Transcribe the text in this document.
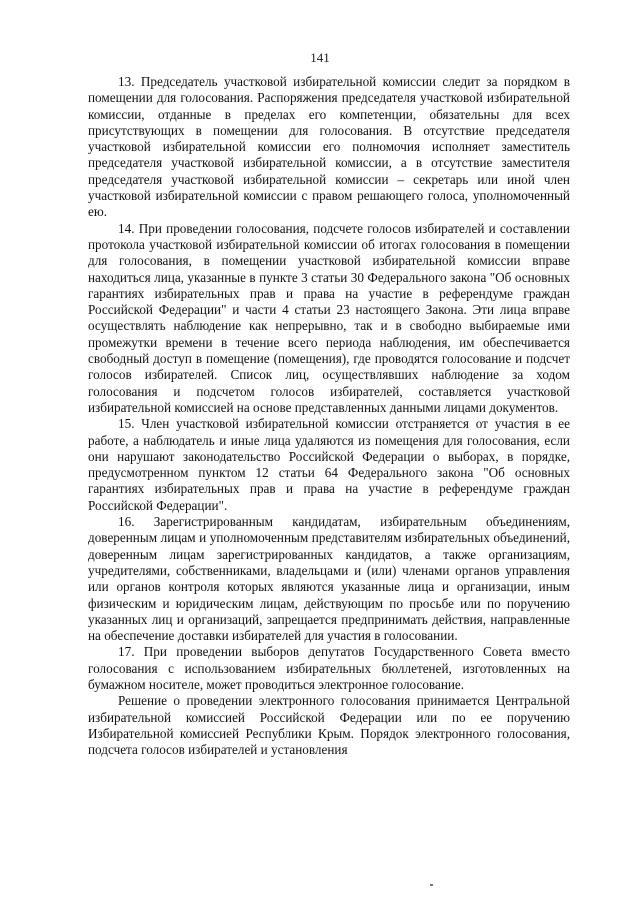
141

13. Председатель участковой избирательной комиссии следит за порядком в помещении для голосования. Распоряжения председателя участковой избирательной комиссии, отданные в пределах его компетенции, обязательны для всех присутствующих в помещении для голосования. В отсутствие председателя участковой избирательной комиссии его полномочия исполняет заместитель председателя участковой избирательной комиссии, а в отсутствие заместителя председателя участковой избирательной комиссии – секретарь или иной член участковой избирательной комиссии с правом решающего голоса, уполномоченный ею.

14. При проведении голосования, подсчете голосов избирателей и составлении протокола участковой избирательной комиссии об итогах голосования в помещении для голосования, в помещении участковой избирательной комиссии вправе находиться лица, указанные в пункте 3 статьи 30 Федерального закона "Об основных гарантиях избирательных прав и права на участие в референдуме граждан Российской Федерации" и части 4 статьи 23 настоящего Закона. Эти лица вправе осуществлять наблюдение как непрерывно, так и в свободно выбираемые ими промежутки времени в течение всего периода наблюдения, им обеспечивается свободный доступ в помещение (помещения), где проводятся голосование и подсчет голосов избирателей. Список лиц, осуществлявших наблюдение за ходом голосования и подсчетом голосов избирателей, составляется участковой избирательной комиссией на основе представленных данными лицами документов.

15. Член участковой избирательной комиссии отстраняется от участия в ее работе, а наблюдатель и иные лица удаляются из помещения для голосования, если они нарушают законодательство Российской Федерации о выборах, в порядке, предусмотренном пунктом 12 статьи 64 Федерального закона "Об основных гарантиях избирательных прав и права на участие в референдуме граждан Российской Федерации".

16. Зарегистрированным кандидатам, избирательным объединениям, доверенным лицам и уполномоченным представителям избирательных объединений, доверенным лицам зарегистрированных кандидатов, а также организациям, учредителями, собственниками, владельцами и (или) членами органов управления или органов контроля которых являются указанные лица и организации, иным физическим и юридическим лицам, действующим по просьбе или по поручению указанных лиц и организаций, запрещается предпринимать действия, направленные на обеспечение доставки избирателей для участия в голосовании.

17. При проведении выборов депутатов Государственного Совета вместо голосования с использованием избирательных бюллетеней, изготовленных на бумажном носителе, может проводиться электронное голосование.

Решение о проведении электронного голосования принимается Центральной избирательной комиссией Российской Федерации или по ее поручению Избирательной комиссией Республики Крым. Порядок электронного голосования, подсчета голосов избирателей и установления
